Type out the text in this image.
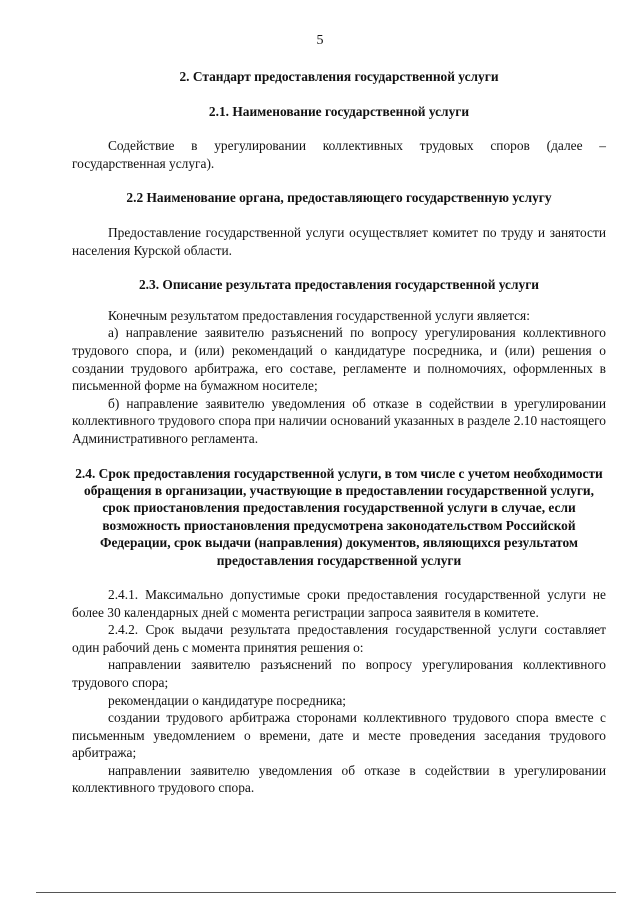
5

2. Стандарт предоставления государственной услуги

2.1. Наименование государственной услуги

Содействие в урегулировании коллективных трудовых споров (далее – государственная услуга).

2.2 Наименование органа, предоставляющего государственную услугу

Предоставление государственной услуги осуществляет комитет по труду и занятости населения Курской области.

2.3. Описание результата предоставления государственной услуги

Конечным результатом предоставления государственной услуги является:

а) направление заявителю разъяснений по вопросу урегулирования коллективного трудового спора, и (или) рекомендаций о кандидатуре посредника, и (или) решения о создании трудового арбитража, его составе, регламенте и полномочиях, оформленных в письменной форме на бумажном носителе;

б) направление заявителю уведомления об отказе в содействии в урегулировании коллективного трудового спора при наличии оснований указанных в разделе 2.10 настоящего Административного регламента.

2.4. Срок предоставления государственной услуги, в том числе с учетом необходимости обращения в организации, участвующие в предоставлении государственной услуги, срок приостановления предоставления государственной услуги в случае, если возможность приостановления предусмотрена законодательством Российской Федерации, срок выдачи (направления) документов, являющихся результатом предоставления государственной услуги

2.4.1. Максимально допустимые сроки предоставления государственной услуги не более 30 календарных дней с момента регистрации запроса заявителя в комитете.

2.4.2. Срок выдачи результата предоставления государственной услуги составляет один рабочий день с момента принятия решения о:

направлении заявителю разъяснений по вопросу урегулирования коллективного трудового спора;

рекомендации о кандидатуре посредника;

создании трудового арбитража сторонами коллективного трудового спора вместе с письменным уведомлением о времени, дате и месте проведения заседания трудового арбитража;

направлении заявителю уведомления об отказе в содействии в урегулировании коллективного трудового спора.
